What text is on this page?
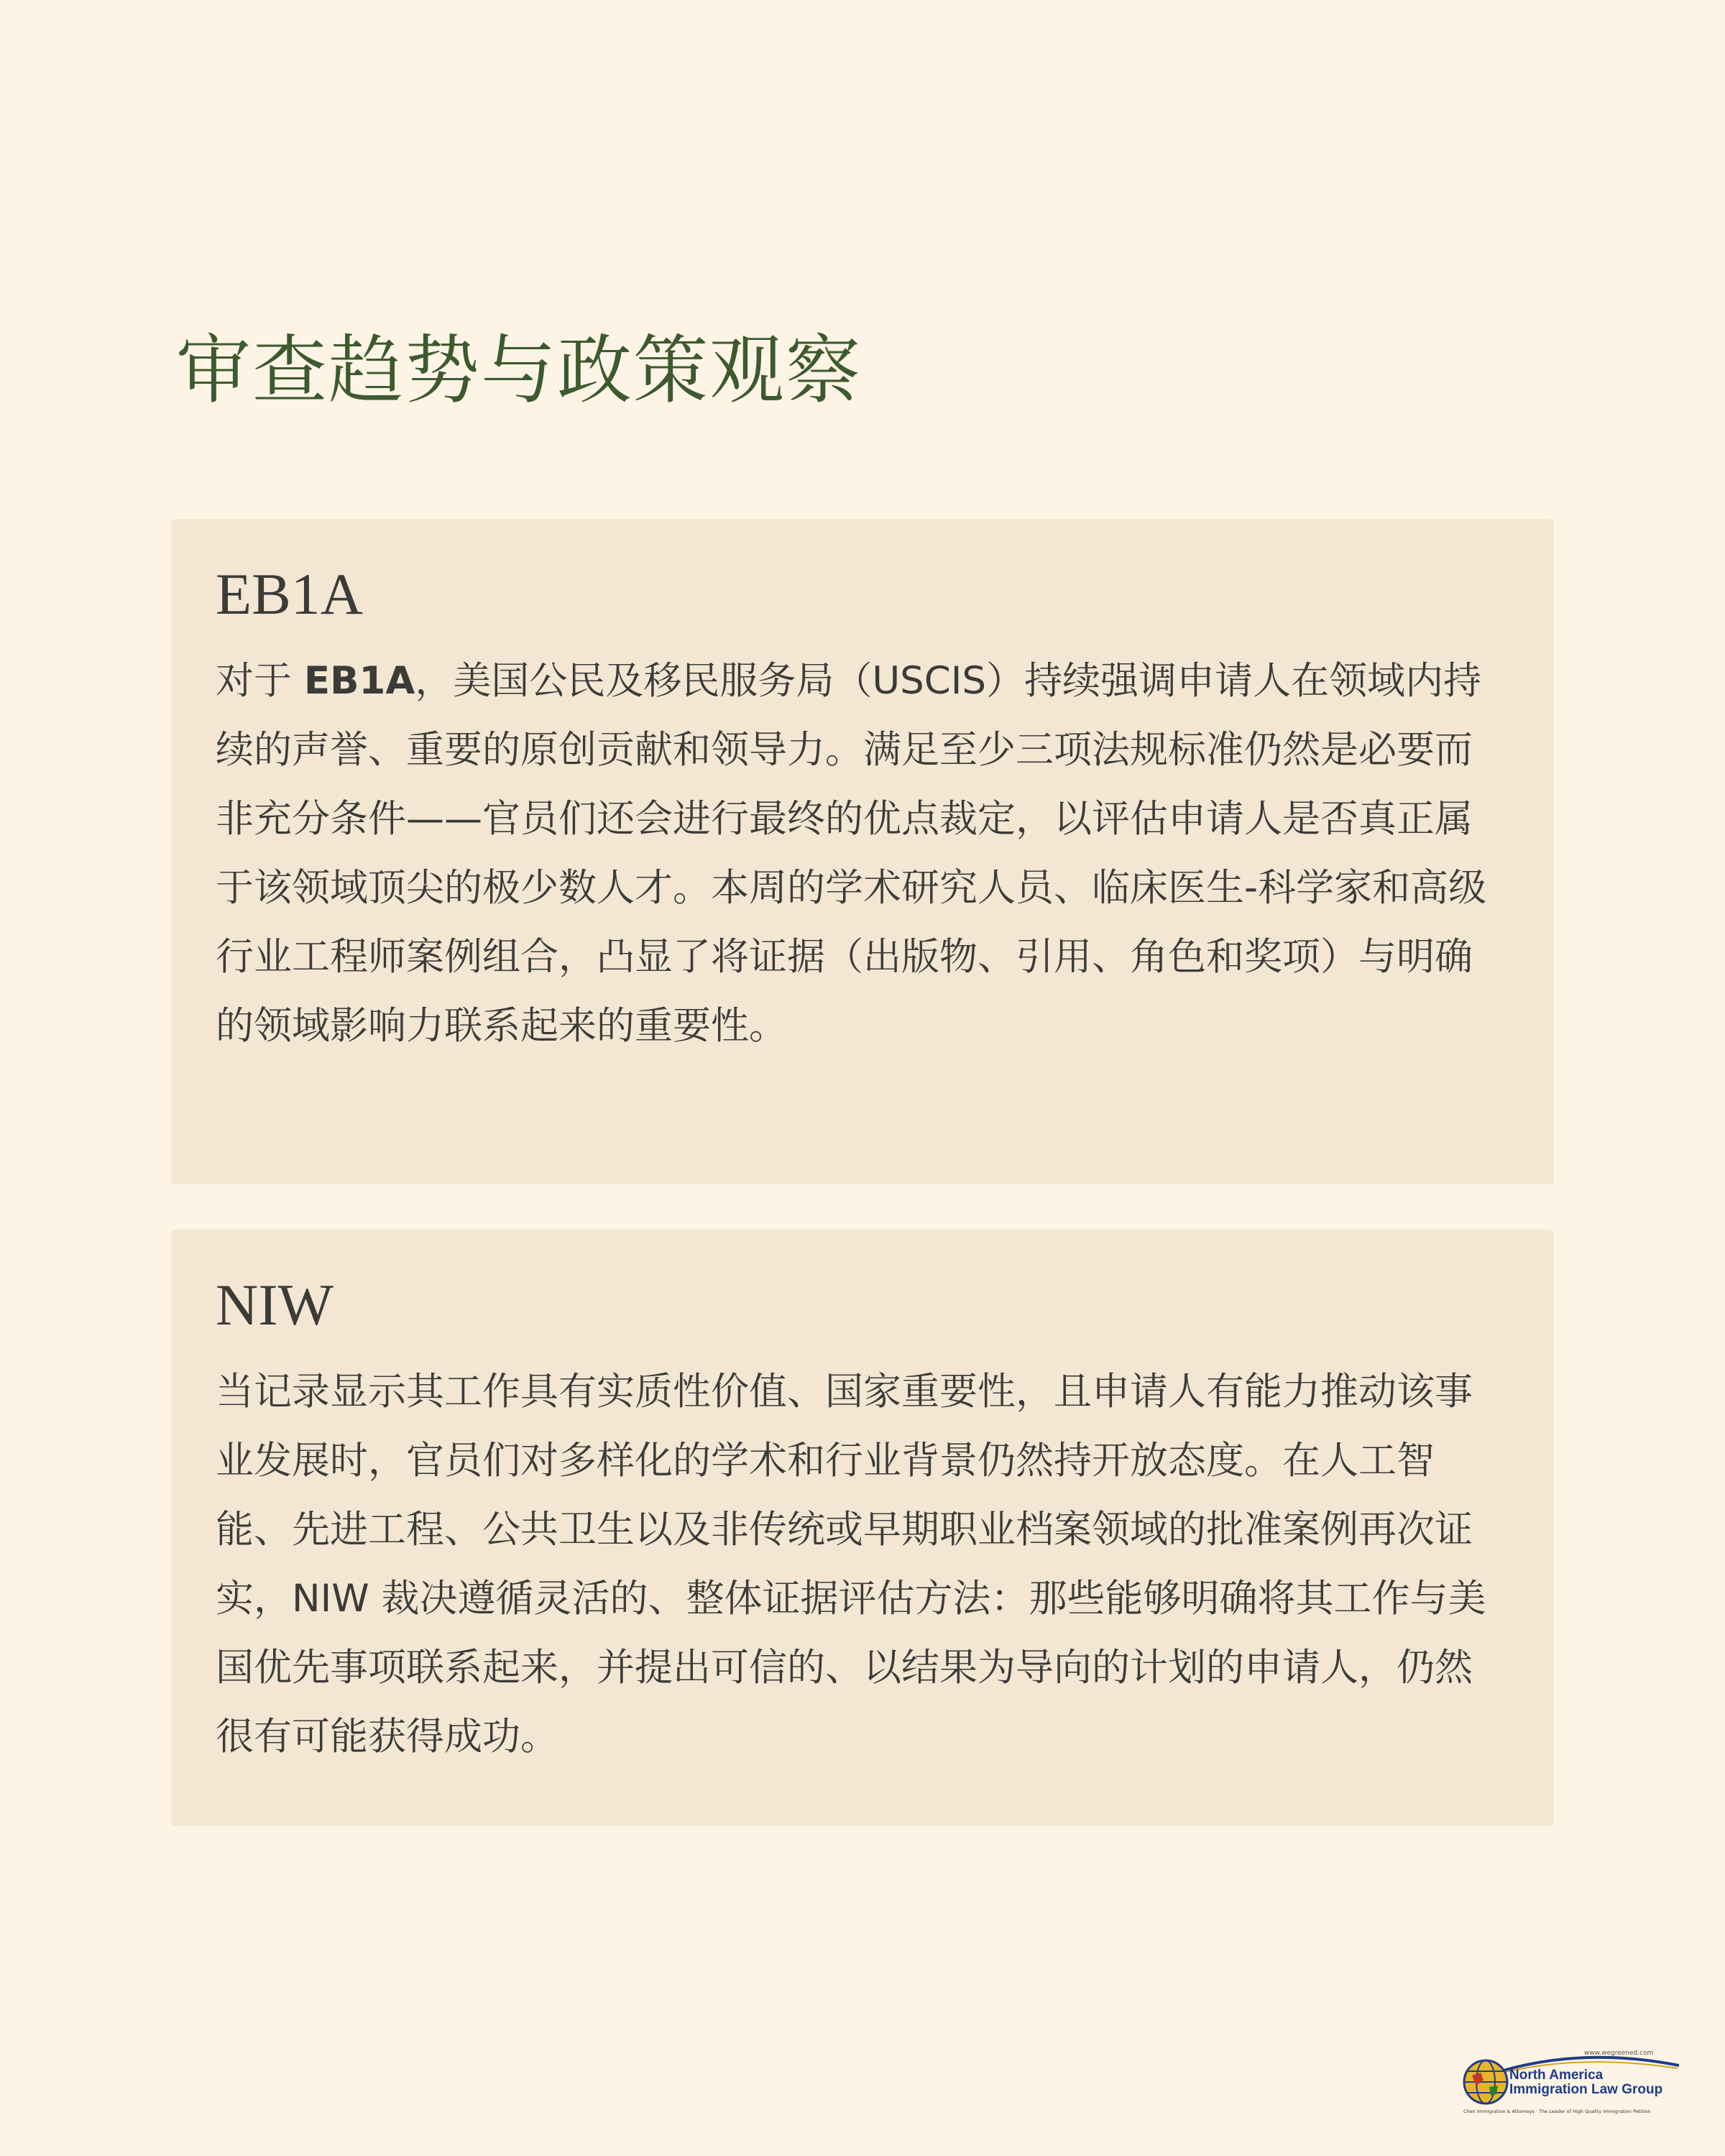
审查趋势与政策观察
EB1A

对于 EB1A，美国公民及移民服务局（USCIS）持续强调申请人在领域内持续的声誉、重要的原创贡献和领导力。满足至少三项法规标准仍然是必要而非充分条件——官员们还会进行最终的优点裁定，以评估申请人是否真正属于该领域顶尖的极少数人才。本周的学术研究人员、临床医生-科学家和高级行业工程师案例组合，凸显了将证据（出版物、引用、角色和奖项）与明确的领域影响力联系起来的重要性。

NIW

当记录显示其工作具有实质性价值、国家重要性，且申请人有能力推动该事业发展时，官员们对多样化的学术和行业背景仍然持开放态度。在人工智能、先进工程、公共卫生以及非传统或早期职业档案领域的批准案例再次证实，NIW 裁决遵循灵活的、整体证据评估方法：那些能够明确将其工作与美国优先事项联系起来，并提出可信的、以结果为导向的计划的申请人，仍然很有可能获得成功。

www.wegreened.com
North America
Immigration Law Group
Chen Immigration & Attorneys · The Leader of High Quality Immigration Petition
